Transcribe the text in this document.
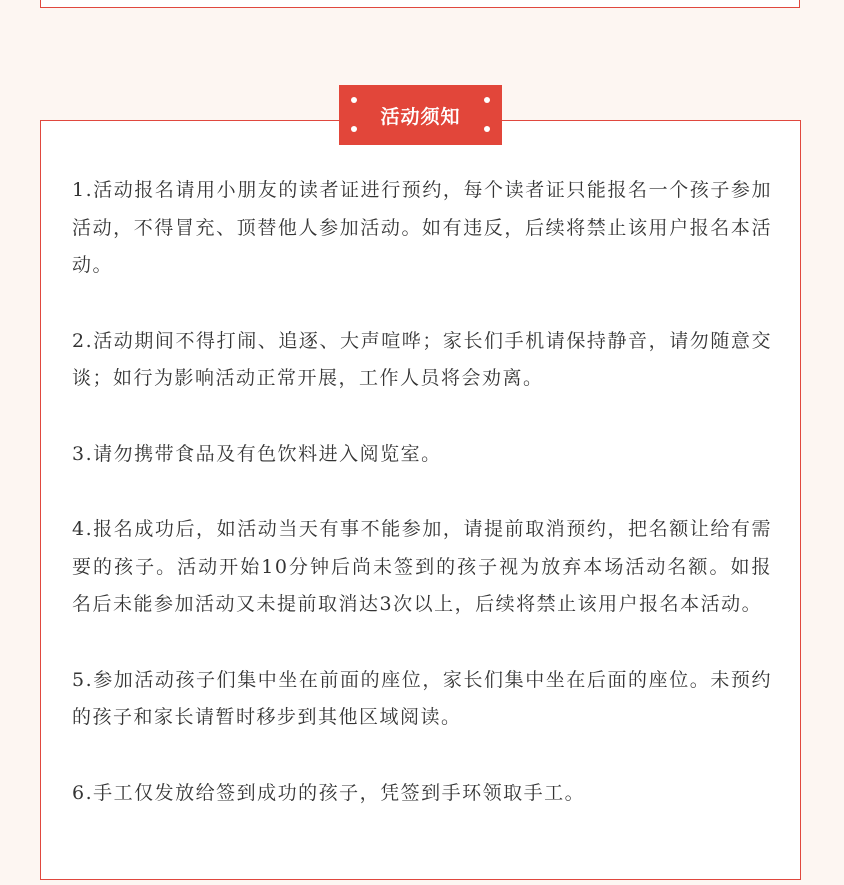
活动须知
1.活动报名请用小朋友的读者证进行预约，每个读者证只能报名一个孩子参加活动，不得冒充、顶替他人参加活动。如有违反，后续将禁止该用户报名本活动。
2.活动期间不得打闹、追逐、大声喧哗；家长们手机请保持静音，请勿随意交谈；如行为影响活动正常开展，工作人员将会劝离。
3.请勿携带食品及有色饮料进入阅览室。
4.报名成功后，如活动当天有事不能参加，请提前取消预约，把名额让给有需要的孩子。活动开始10分钟后尚未签到的孩子视为放弃本场活动名额。如报名后未能参加活动又未提前取消达3次以上，后续将禁止该用户报名本活动。
5.参加活动孩子们集中坐在前面的座位，家长们集中坐在后面的座位。未预约的孩子和家长请暂时移步到其他区域阅读。
6.手工仅发放给签到成功的孩子，凭签到手环领取手工。
